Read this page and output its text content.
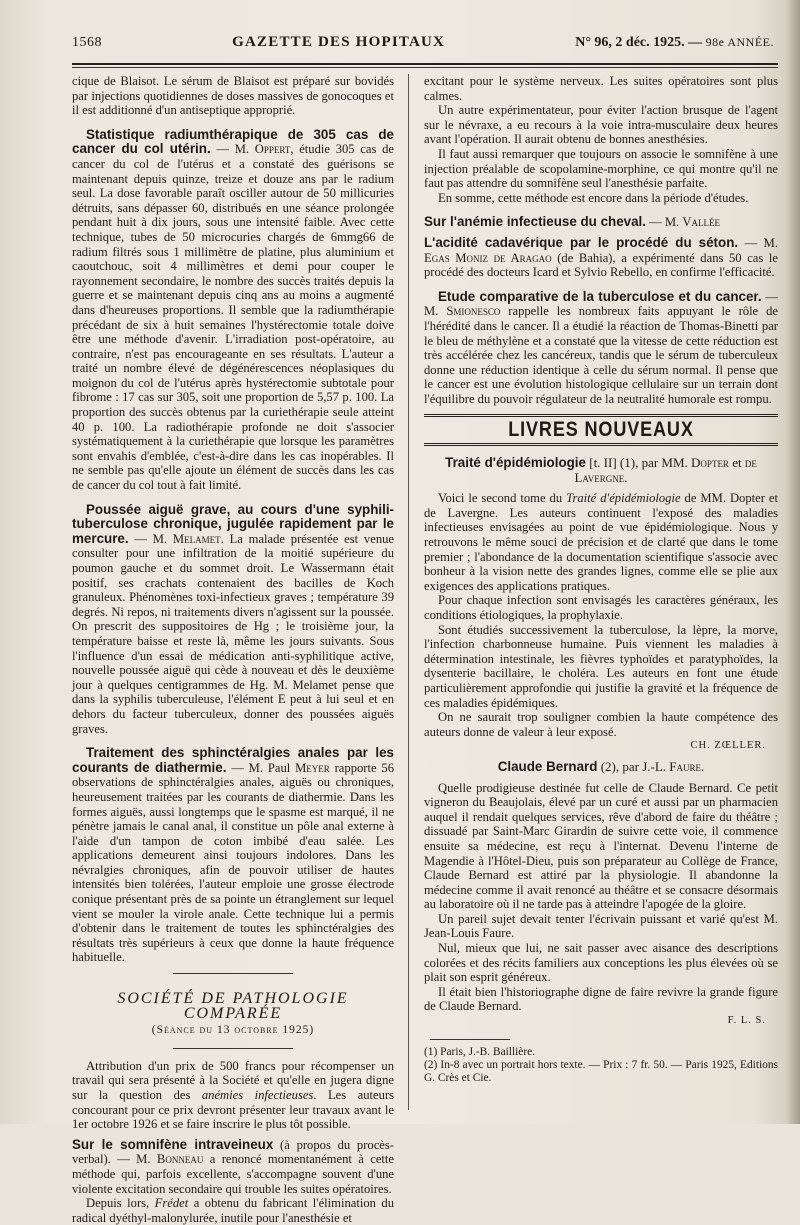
1568	GAZETTE DES HOPITAUX	N° 96, 2 déc. 1925. — 98e ANNÉE.

cique de Blaisot. Le sérum de Blaisot est préparé sur bovidés par injections quotidiennes de doses massives de gonocoques et il est additionné d'un antiseptique approprié.

Statistique radiumthérapique de 305 cas de cancer du col utérin. — M. Oppert, étudie 305 cas de cancer du col de l'utérus et a constaté des guérisons se maintenant depuis quinze, treize et douze ans par le radium seul. La dose favorable paraît osciller autour de 50 millicuries détruits, sans dépasser 60, distribués en une séance prolongée pendant huit à dix jours, sous une intensité faible. Avec cette technique, tubes de 50 microcuries chargés de 6mmg66 de radium filtrés sous 1 millimètre de platine, plus aluminium et caoutchouc, soit 4 millimètres et demi pour couper le rayonnement secondaire, le nombre des succès traités depuis la guerre et se maintenant depuis cinq ans au moins a augmenté dans d'heureuses proportions. Il semble que la radiumthérapie précédant de six à huit semaines l'hystérectomie totale doive être une méthode d'avenir. L'irradiation post-opératoire, au contraire, n'est pas encourageante en ses résultats. L'auteur a traité un nombre élevé de dégénérescences néoplasiques du moignon du col de l'utérus après hystérectomie subtotale pour fibrome : 17 cas sur 305, soit une proportion de 5,57 p. 100. La proportion des succès obtenus par la curiethérapie seule atteint 40 p. 100. La radiothérapie profonde ne doit s'associer systématiquement à la curiethérapie que lorsque les paramètres sont envahis d'emblée, c'est-à-dire dans les cas inopérables. Il ne semble pas qu'elle ajoute un élément de succès dans les cas de cancer du col tout à fait limité.

Poussée aiguë grave, au cours d'une syphili-tuberculose chronique, jugulée rapidement par le mercure. — M. Melamet. La malade présentée est venue consulter pour une infiltration de la moitié supérieure du poumon gauche et du sommet droit. Le Wassermann était positif, ses crachats contenaient des bacilles de Koch granuleux. Phénomènes toxi-infectieux graves ; température 39 degrés. Ni repos, ni traitements divers n'agissent sur la poussée. On prescrit des suppositoires de Hg ; le troisième jour, la température baisse et reste là, même les jours suivants. Sous l'influence d'un essai de médication anti-syphilitique active, nouvelle poussée aiguë qui cède à nouveau et dès le deuxième jour à quelques centigrammes de Hg. M. Melamet pense que dans la syphilis tuberculeuse, l'élément E peut à lui seul et en dehors du facteur tuberculeux, donner des poussées aiguës graves.

Traitement des sphinctéralgies anales par les courants de diathermie. — M. Paul Meyer rapporte 56 observations de sphinctéralgies anales, aiguës ou chroniques, heureusement traitées par les courants de diathermie. Dans les formes aiguës, aussi longtemps que le spasme est marqué, il ne pénètre jamais le canal anal, il constitue un pôle anal externe à l'aide d'un tampon de coton imbibé d'eau salée. Les applications demeurent ainsi toujours indolores. Dans les névralgies chroniques, afin de pouvoir utiliser de hautes intensités bien tolérées, l'auteur emploie une grosse électrode conique présentant près de sa pointe un étranglement sur lequel vient se mouler la virole anale. Cette technique lui a permis d'obtenir dans le traitement de toutes les sphinctéralgies des résultats très supérieurs à ceux que donne la haute fréquence habituelle.

SOCIÉTÉ DE PATHOLOGIE COMPARÉE
(Séance du 13 octobre 1925)

Attribution d'un prix de 500 francs pour récompenser un travail qui sera présenté à la Société et qu'elle en jugera digne sur la question des anémies infectieuses. Les auteurs concourant pour ce prix devront présenter leur travaux avant le 1er octobre 1926 et se faire inscrire le plus tôt possible.

Sur le somnifène intraveineux (à propos du procès-verbal). — M. Bonneau a renoncé momentanément à cette méthode qui, parfois excellente, s'accompagne souvent d'une violente excitation secondaire qui trouble les suites opératoires.

Depuis lors, Frédet a obtenu du fabricant l'élimination du radical dyéthyl-malonylurée, inutile pour l'anesthésie et

excitant pour le système nerveux. Les suites opératoires sont plus calmes.

Un autre expérimentateur, pour éviter l'action brusque de l'agent sur le névraxe, a eu recours à la voie intra-musculaire deux heures avant l'opération. Il aurait obtenu de bonnes anesthésies.

Il faut aussi remarquer que toujours on associe le somnifène à une injection préalable de scopolamine-morphine, ce qui montre qu'il ne faut pas attendre du somnifène seul l'anesthésie parfaite.

En somme, cette méthode est encore dans la période d'études.

Sur l'anémie infectieuse du cheval. — M. Vallée

L'acidité cadavérique par le procédé du séton. — M. Egas Moniz de Aragao (de Bahia), a expérimenté dans 50 cas le procédé des docteurs Icard et Sylvio Rebello, en confirme l'efficacité.

Etude comparative de la tuberculose et du cancer. — M. Smionesco rappelle les nombreux faits appuyant le rôle de l'hérédité dans le cancer. Il a étudié la réaction de Thomas-Binetti par le bleu de méthylène et a constaté que la vitesse de cette réduction est très accélérée chez les cancéreux, tandis que le sérum de tuberculeux donne une réduction identique à celle du sérum normal. Il pense que le cancer est une évolution histologique cellulaire sur un terrain dont l'équilibre du pouvoir régulateur de la neutralité humorale est rompu.

LIVRES NOUVEAUX

Traité d'épidémiologie [t. II] (1), par MM. Dopter et de Lavergne.

Voici le second tome du Traité d'épidémiologie de MM. Dopter et de Lavergne. Les auteurs continuent l'exposé des maladies infectieuses envisagées au point de vue épidémiologique. Nous y retrouvons le même souci de précision et de clarté que dans le tome premier ; l'abondance de la documentation scientifique s'associe avec bonheur à la vision nette des grandes lignes, comme elle se plie aux exigences des applications pratiques.

Pour chaque infection sont envisagés les caractères généraux, les conditions étiologiques, la prophylaxie.

Sont étudiés successivement la tuberculose, la lèpre, la morve, l'infection charbonneuse humaine. Puis viennent les maladies à détermination intestinale, les fièvres typhoïdes et paratyphoïdes, la dysenterie bacillaire, le choléra. Les auteurs en font une étude particulièrement approfondie qui justifie la gravité et la fréquence de ces maladies épidémiques.

On ne saurait trop souligner combien la haute compétence des auteurs donne de valeur à leur exposé.

CH. ZŒLLER.

Claude Bernard (2), par J.-L. Faure.

Quelle prodigieuse destinée fut celle de Claude Bernard. Ce petit vigneron du Beaujolais, élevé par un curé et aussi par un pharmacien auquel il rendait quelques services, rêve d'abord de faire du théâtre ; dissuadé par Saint-Marc Girardin de suivre cette voie, il commence ensuite sa médecine, est reçu à l'internat. Devenu l'interne de Magendie à l'Hôtel-Dieu, puis son préparateur au Collège de France, Claude Bernard est attiré par la physiologie. Il abandonne la médecine comme il avait renoncé au théâtre et se consacre désormais au laboratoire où il ne tarde pas à atteindre l'apogée de la gloire.

Un pareil sujet devait tenter l'écrivain puissant et varié qu'est M. Jean-Louis Faure.

Nul, mieux que lui, ne sait passer avec aisance des descriptions colorées et des récits familiers aux conceptions les plus élevées où se plait son esprit généreux.

Il était bien l'historiographe digne de faire revivre la grande figure de Claude Bernard.

F. L. S.

(1) Paris, J.-B. Baillière.

(2) In-8 avec un portrait hors texte. — Prix : 7 fr. 50. — Paris 1925, Editions G. Crès et Cie.
